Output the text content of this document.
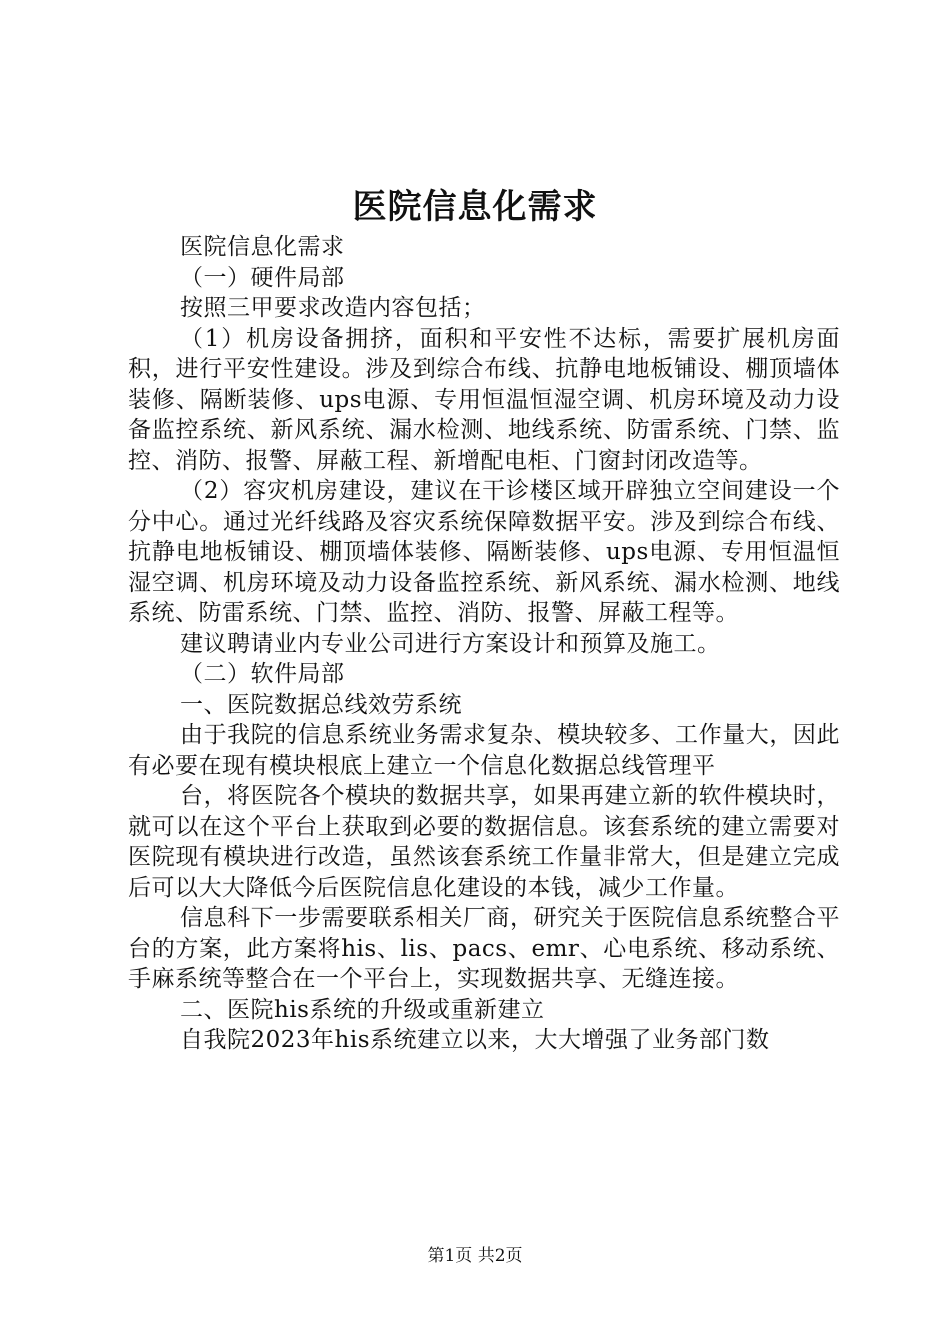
医院信息化需求

医院信息化需求

（一）硬件局部

按照三甲要求改造内容包括；

（1）机房设备拥挤，面积和平安性不达标，需要扩展机房面积，进行平安性建设。涉及到综合布线、抗静电地板铺设、棚顶墙体装修、隔断装修、ups电源、专用恒温恒湿空调、机房环境及动力设备监控系统、新风系统、漏水检测、地线系统、防雷系统、门禁、监控、消防、报警、屏蔽工程、新增配电柜、门窗封闭改造等。

（2）容灾机房建设，建议在干诊楼区域开辟独立空间建设一个分中心。通过光纤线路及容灾系统保障数据平安。涉及到综合布线、抗静电地板铺设、棚顶墙体装修、隔断装修、ups电源、专用恒温恒湿空调、机房环境及动力设备监控系统、新风系统、漏水检测、地线系统、防雷系统、门禁、监控、消防、报警、屏蔽工程等。

建议聘请业内专业公司进行方案设计和预算及施工。

（二）软件局部

一、医院数据总线效劳系统

由于我院的信息系统业务需求复杂、模块较多、工作量大，因此有必要在现有模块根底上建立一个信息化数据总线管理平

台，将医院各个模块的数据共享，如果再建立新的软件模块时，就可以在这个平台上获取到必要的数据信息。该套系统的建立需要对医院现有模块进行改造，虽然该套系统工作量非常大，但是建立完成后可以大大降低今后医院信息化建设的本钱，减少工作量。

信息科下一步需要联系相关厂商，研究关于医院信息系统整合平台的方案，此方案将his、lis、pacs、emr、心电系统、移动系统、手麻系统等整合在一个平台上，实现数据共享、无缝连接。

二、医院his系统的升级或重新建立

自我院2023年his系统建立以来，大大增强了业务部门数

第1页 共2页
